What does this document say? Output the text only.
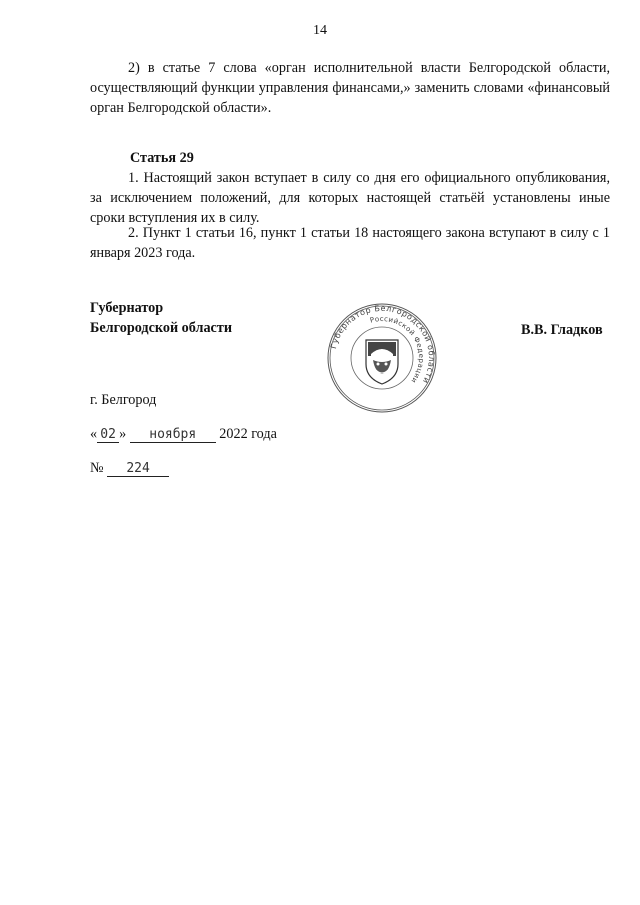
14

2) в статье 7 слова «орган исполнительной власти Белгородской области, осуществляющий функции управления финансами,» заменить словами «финансовый орган Белгородской области».

Статья 29

1. Настоящий закон вступает в силу со дня его официального опубликования, за исключением положений, для которых настоящей статьёй установлены иные сроки вступления их в силу.

2. Пункт 1 статьи 16, пункт 1 статьи 18 настоящего закона вступают в силу с 1 января 2023 года.

Губернатор
Белгородской области
Губернатор Белгородской области
Российской Федерации
В.В. Гладков
г. Белгород
« 02 » ноября 2022 года
№ 224
